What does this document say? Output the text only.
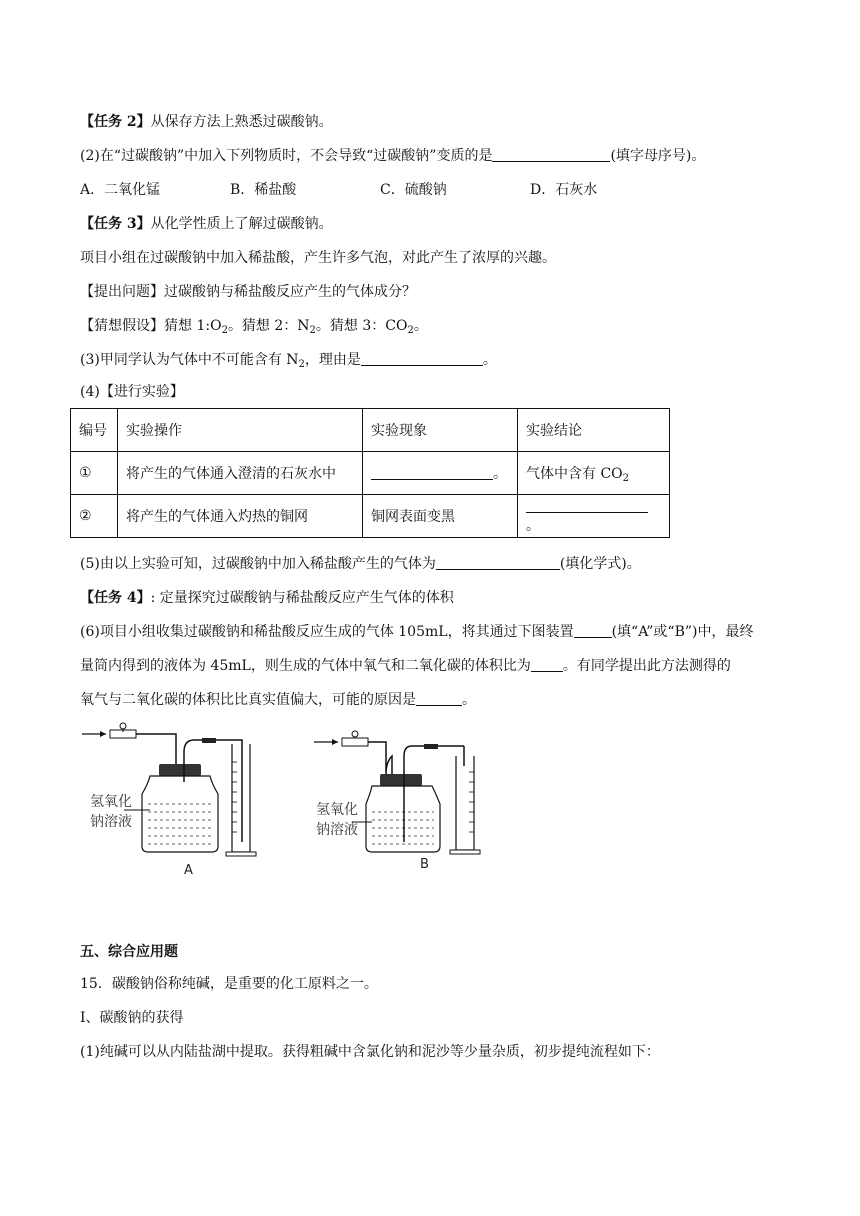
【任务 2】从保存方法上熟悉过碳酸钠。
(2)在“过碳酸钠”中加入下列物质时，不会导致“过碳酸钠”变质的是	(填字母序号)。
A．二氧化锰	B．稀盐酸	C．硫酸钠	D．石灰水
【任务 3】从化学性质上了解过碳酸钠。
项目小组在过碳酸钠中加入稀盐酸，产生许多气泡，对此产生了浓厚的兴趣。
【提出问题】过碳酸钠与稀盐酸反应产生的气体成分？
【猜想假设】猜想 $1:O_2$。猜想 2：$N_2$。猜想 3：$CO_2$。
(3)甲同学认为气体中不可能含有 $N_2$，理由是	。
(4)【进行实验】
编号	实验操作	实验现象	实验结论
①	将产生的气体通入澄清的石灰水中	。	气体中含有 $CO_2$
②	将产生的气体通入灼热的铜网	铜网表面变黑	。
(5)由以上实验可知，过碳酸钠中加入稀盐酸产生的气体为	(填化学式)。
【任务 4】: 定量探究过碳酸钠与稀盐酸反应产生气体的体积
(6)项目小组收集过碳酸钠和稀盐酸反应生成的气体 105mL，将其通过下图装置	(填“A”或“B”)中，最终
量筒内得到的液体为 45mL，则生成的气体中氧气和二氧化碳的体积比为 。有同学提出此方法测得的
氧气与二氧化碳的体积比比真实值偏大，可能的原因是	。
氢氧化
钠溶液
A
氢氧化
钠溶液
B
五、综合应用题
15．碳酸钠俗称纯碱，是重要的化工原料之一。
I、碳酸钠的获得
(1)纯碱可以从内陆盐湖中提取。获得粗碱中含氯化钠和泥沙等少量杂质，初步提纯流程如下：
